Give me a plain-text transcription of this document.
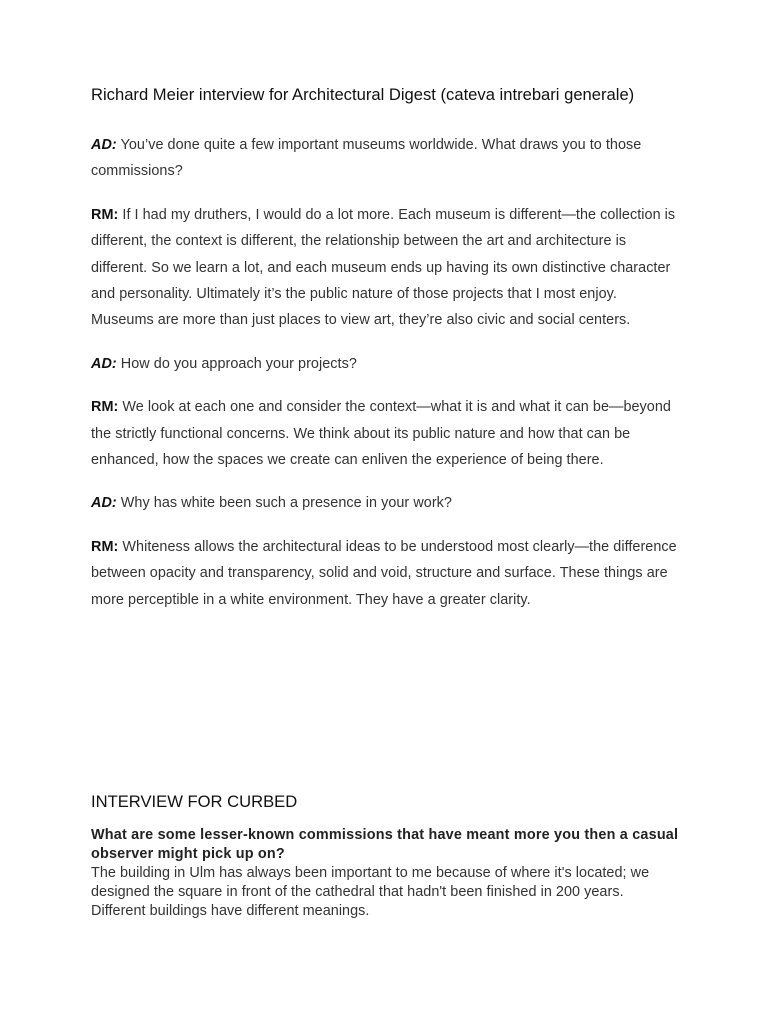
Richard Meier interview for Architectural Digest (cateva intrebari generale)

AD: You’ve done quite a few important museums worldwide. What draws you to those commissions?

RM: If I had my druthers, I would do a lot more. Each museum is different—the collection is different, the context is different, the relationship between the art and architecture is different. So we learn a lot, and each museum ends up having its own distinctive character and personality. Ultimately it’s the public nature of those projects that I most enjoy. Museums are more than just places to view art, they’re also civic and social centers.

AD: How do you approach your projects?

RM: We look at each one and consider the context—what it is and what it can be—beyond the strictly functional concerns. We think about its public nature and how that can be enhanced, how the spaces we create can enliven the experience of being there.

AD: Why has white been such a presence in your work?

RM: Whiteness allows the architectural ideas to be understood most clearly—the difference between opacity and transparency, solid and void, structure and surface. These things are more perceptible in a white environment. They have a greater clarity.

INTERVIEW FOR CURBED

What are some lesser-known commissions that have meant more you then a casual observer might pick up on?

The building in Ulm has always been important to me because of where it's located; we designed the square in front of the cathedral that hadn't been finished in 200 years. Different buildings have different meanings.
